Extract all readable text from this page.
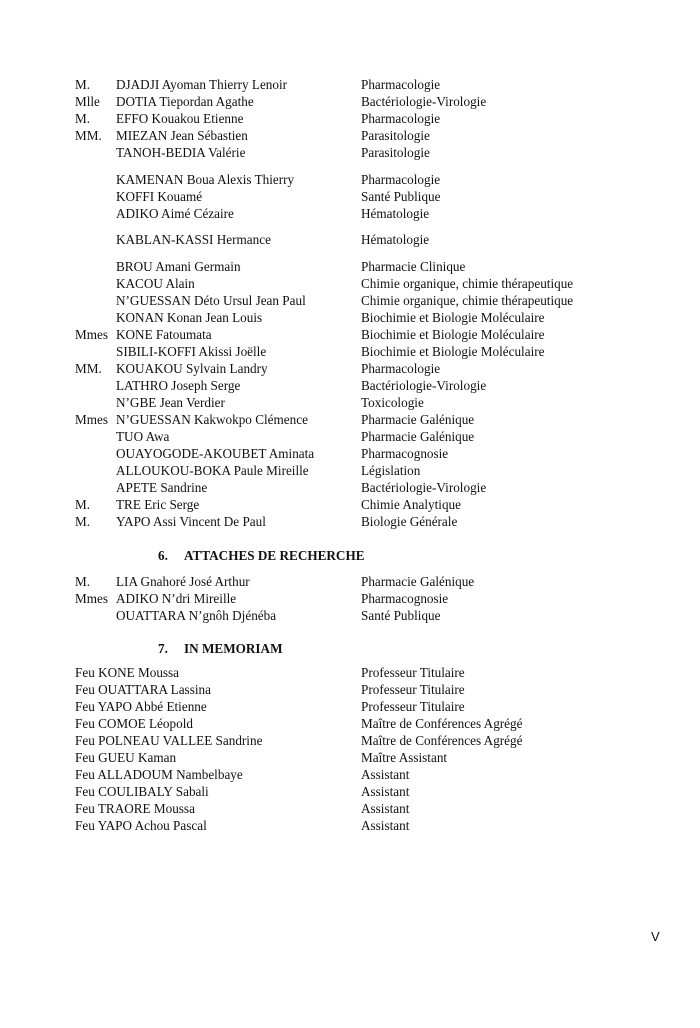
M. DJADJI Ayoman Thierry Lenoir	Pharmacologie
Mlle DOTIA Tiepordan Agathe	Bactériologie-Virologie
M. EFFO Kouakou Etienne	Pharmacologie
MM. MIEZAN Jean Sébastien	Parasitologie
TANOH-BEDIA Valérie	Parasitologie
KAMENAN Boua Alexis Thierry	Pharmacologie
KOFFI Kouamé	Santé Publique
ADIKO Aimé Cézaire	Hématologie
KABLAN-KASSI Hermance	Hématologie
BROU Amani Germain	Pharmacie Clinique
KACOU Alain	Chimie organique, chimie thérapeutique
N’GUESSAN Déto Ursul Jean Paul	Chimie organique, chimie thérapeutique
KONAN Konan Jean Louis	Biochimie et Biologie Moléculaire
Mmes KONE Fatoumata	Biochimie et Biologie Moléculaire
SIBILI-KOFFI Akissi Joëlle	Biochimie et Biologie Moléculaire
MM. KOUAKOU Sylvain Landry	Pharmacologie
LATHRO Joseph Serge	Bactériologie-Virologie
N’GBE Jean Verdier	Toxicologie
Mmes N’GUESSAN Kakwokpo Clémence	Pharmacie Galénique
TUO Awa	Pharmacie Galénique
OUAYOGODE-AKOUBET Aminata	Pharmacognosie
ALLOUKOU-BOKA Paule Mireille	Législation
APETE Sandrine	Bactériologie-Virologie
M. TRE Eric Serge	Chimie Analytique
M. YAPO Assi Vincent De Paul	Biologie Générale
6. ATTACHES DE RECHERCHE
M. LIA Gnahoré José Arthur	Pharmacie Galénique
Mmes ADIKO N’dri Mireille	Pharmacognosie
OUATTARA N’gnôh Djénéba	Santé Publique
7. IN MEMORIAM
Feu KONE Moussa	Professeur Titulaire
Feu OUATTARA Lassina	Professeur Titulaire
Feu YAPO Abbé Etienne	Professeur Titulaire
Feu COMOE Léopold	Maître de Conférences Agrégé
Feu POLNEAU VALLEE Sandrine	Maître de Conférences Agrégé
Feu GUEU Kaman	Maître Assistant
Feu ALLADOUM Nambelbaye	Assistant
Feu COULIBALY Sabali	Assistant
Feu TRAORE Moussa	Assistant
Feu YAPO Achou Pascal	Assistant
V
